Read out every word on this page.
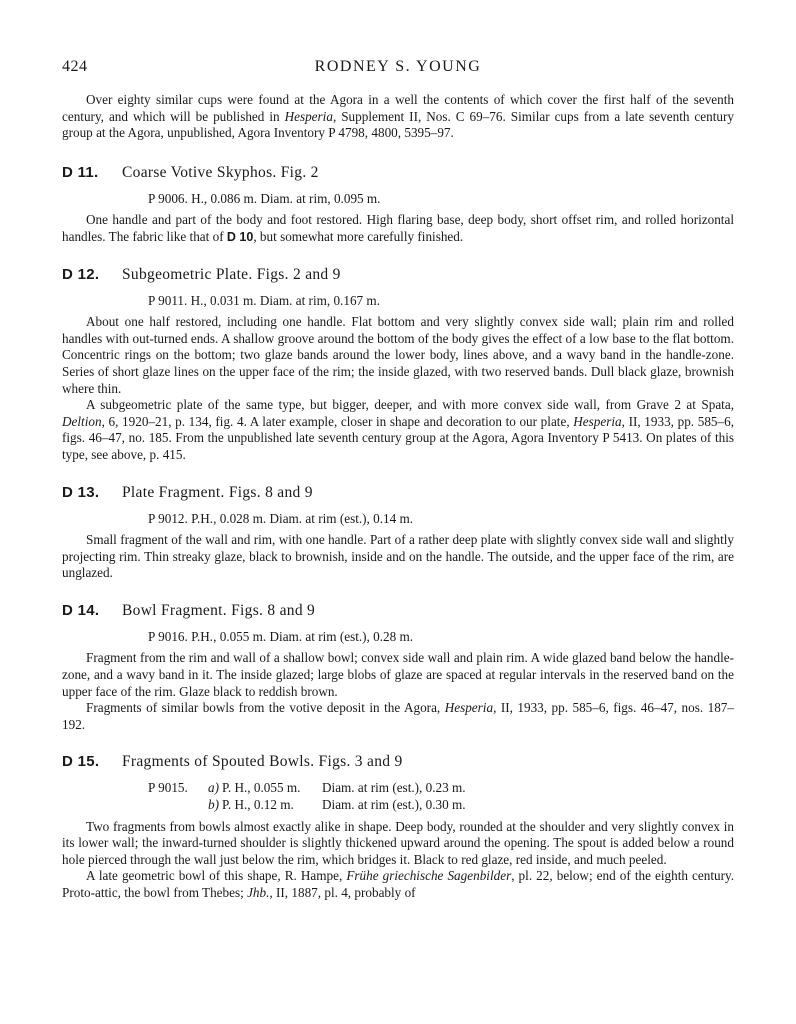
424	RODNEY S. YOUNG

Over eighty similar cups were found at the Agora in a well the contents of which cover the first half of the seventh century, and which will be published in Hesperia, Supplement II, Nos. C 69–76. Similar cups from a late seventh century group at the Agora, unpublished, Agora Inventory P 4798, 4800, 5395–97.

D 11.	Coarse Votive Skyphos. Fig. 2
P 9006. H., 0.086 m. Diam. at rim, 0.095 m.

One handle and part of the body and foot restored. High flaring base, deep body, short offset rim, and rolled horizontal handles. The fabric like that of D 10, but somewhat more carefully finished.

D 12.	Subgeometric Plate. Figs. 2 and 9
P 9011. H., 0.031 m. Diam. at rim, 0.167 m.

About one half restored, including one handle. Flat bottom and very slightly convex side wall; plain rim and rolled handles with out-turned ends. A shallow groove around the bottom of the body gives the effect of a low base to the flat bottom. Concentric rings on the bottom; two glaze bands around the lower body, lines above, and a wavy band in the handle-zone. Series of short glaze lines on the upper face of the rim; the inside glazed, with two reserved bands. Dull black glaze, brownish where thin.

A subgeometric plate of the same type, but bigger, deeper, and with more convex side wall, from Grave 2 at Spata, Deltion, 6, 1920–21, p. 134, fig. 4. A later example, closer in shape and decoration to our plate, Hesperia, II, 1933, pp. 585–6, figs. 46–47, no. 185. From the unpublished late seventh century group at the Agora, Agora Inventory P 5413. On plates of this type, see above, p. 415.

D 13.	Plate Fragment. Figs. 8 and 9
P 9012. P.H., 0.028 m. Diam. at rim (est.), 0.14 m.

Small fragment of the wall and rim, with one handle. Part of a rather deep plate with slightly convex side wall and slightly projecting rim. Thin streaky glaze, black to brownish, inside and on the handle. The outside, and the upper face of the rim, are unglazed.

D 14.	Bowl Fragment. Figs. 8 and 9
P 9016. P.H., 0.055 m. Diam. at rim (est.), 0.28 m.

Fragment from the rim and wall of a shallow bowl; convex side wall and plain rim. A wide glazed band below the handle-zone, and a wavy band in it. The inside glazed; large blobs of glaze are spaced at regular intervals in the reserved band on the upper face of the rim. Glaze black to reddish brown.

Fragments of similar bowls from the votive deposit in the Agora, Hesperia, II, 1933, pp. 585–6, figs. 46–47, nos. 187–192.

D 15.	Fragments of Spouted Bowls. Figs. 3 and 9
P 9015.	a) P. H., 0.055 m.	Diam. at rim (est.), 0.23 m.
b) P. H., 0.12 m.	Diam. at rim (est.), 0.30 m.

Two fragments from bowls almost exactly alike in shape. Deep body, rounded at the shoulder and very slightly convex in its lower wall; the inward-turned shoulder is slightly thickened upward around the opening. The spout is added below a round hole pierced through the wall just below the rim, which bridges it. Black to red glaze, red inside, and much peeled.

A late geometric bowl of this shape, R. Hampe, Frühe griechische Sagenbilder, pl. 22, below; end of the eighth century. Proto-attic, the bowl from Thebes; Jhb., II, 1887, pl. 4, probably of
